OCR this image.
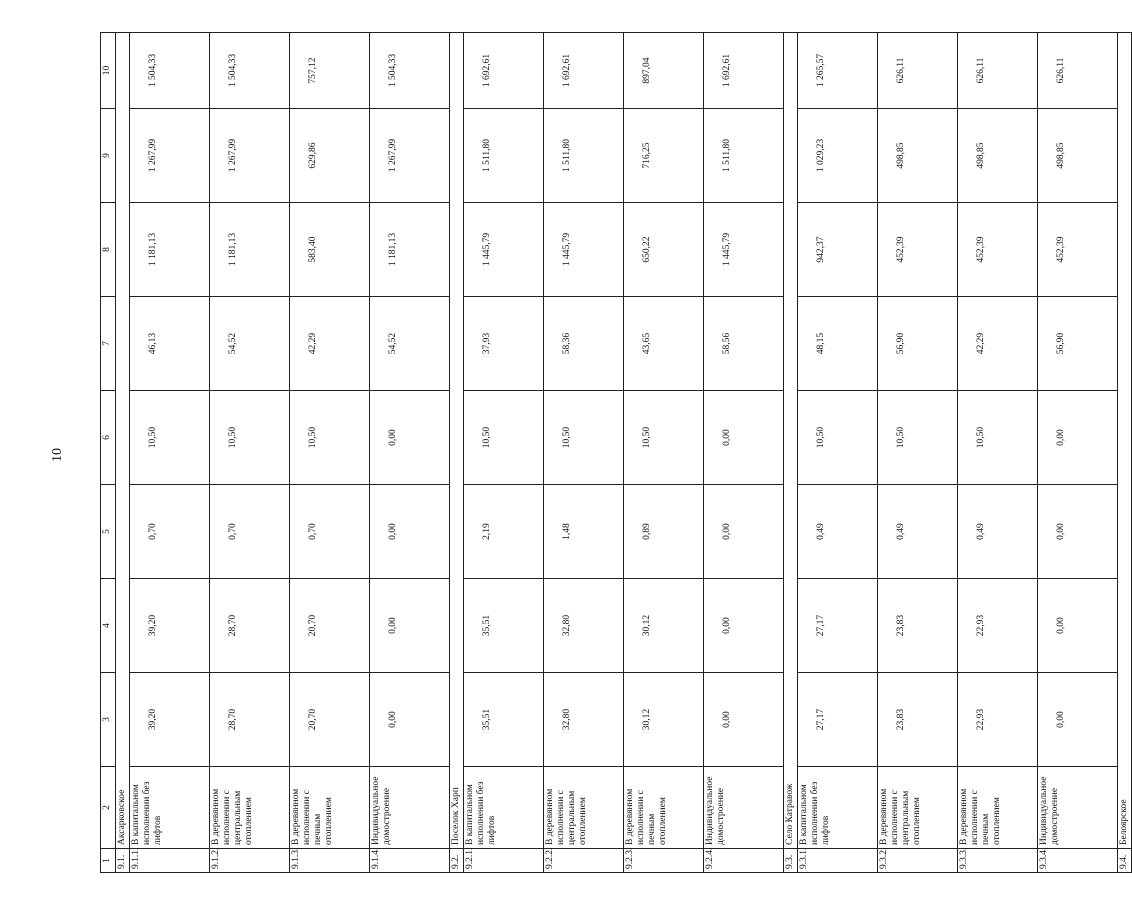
10
1	2	3	4	5	6	7	8	9	10
9.1.	Аксарковское								
9.1.1.	В капитальном исполнении без лифтов	39,20	39,20	0,70	10,50	46,13	1 181,13	1 267,99	1 504,33
9.1.2.	В деревянном исполнении с центральным отоплением	28,70	28,70	0,70	10,50	54,52	1 181,13	1 267,99	1 504,33
9.1.3.	В деревянном исполнении с печным отоплением	20,70	20,70	0,70	10,50	42,29	583,40	629,86	757,12
9.1.4.	Индивидуальное домостроение	0,00	0,00	0,00	0,00	54,52	1 181,13	1 267,99	1 504,33
9.2.	Поселок Харп								
9.2.1.	В капитальном исполнении без лифтов	35,51	35,51	2,19	10,50	37,93	1 445,79	1 511,80	1 692,61
9.2.2.	В деревянном исполнении с центральным отоплением	32,80	32,80	1,48	10,50	58,36	1 445,79	1 511,80	1 692,61
9.2.3.	В деревянном исполнении с печным отоплением	30,12	30,12	0,89	10,50	43,65	650,22	716,25	897,04
9.2.4.	Индивидуальное домостроение	0,00	0,00	0,00	0,00	58,56	1 445,79	1 511,80	1 692,61
9.3.	Село Катравож								
9.3.1.	В капитальном исполнении без лифтов	27,17	27,17	0,49	10,50	48,15	942,37	1 029,23	1 265,57
9.3.2.	В деревянном исполнении с центральным отоплением	23,83	23,83	0,49	10,50	56,90	452,39	498,85	626,11
9.3.3.	В деревянном исполнении с печным отоплением	22,93	22,93	0,49	10,50	42,29	452,39	498,85	626,11
9.3.4.	Индивидуальное домостроение	0,00	0,00	0,00	0,00	56,90	452,39	498,85	626,11
9.4.	Белоярское								
